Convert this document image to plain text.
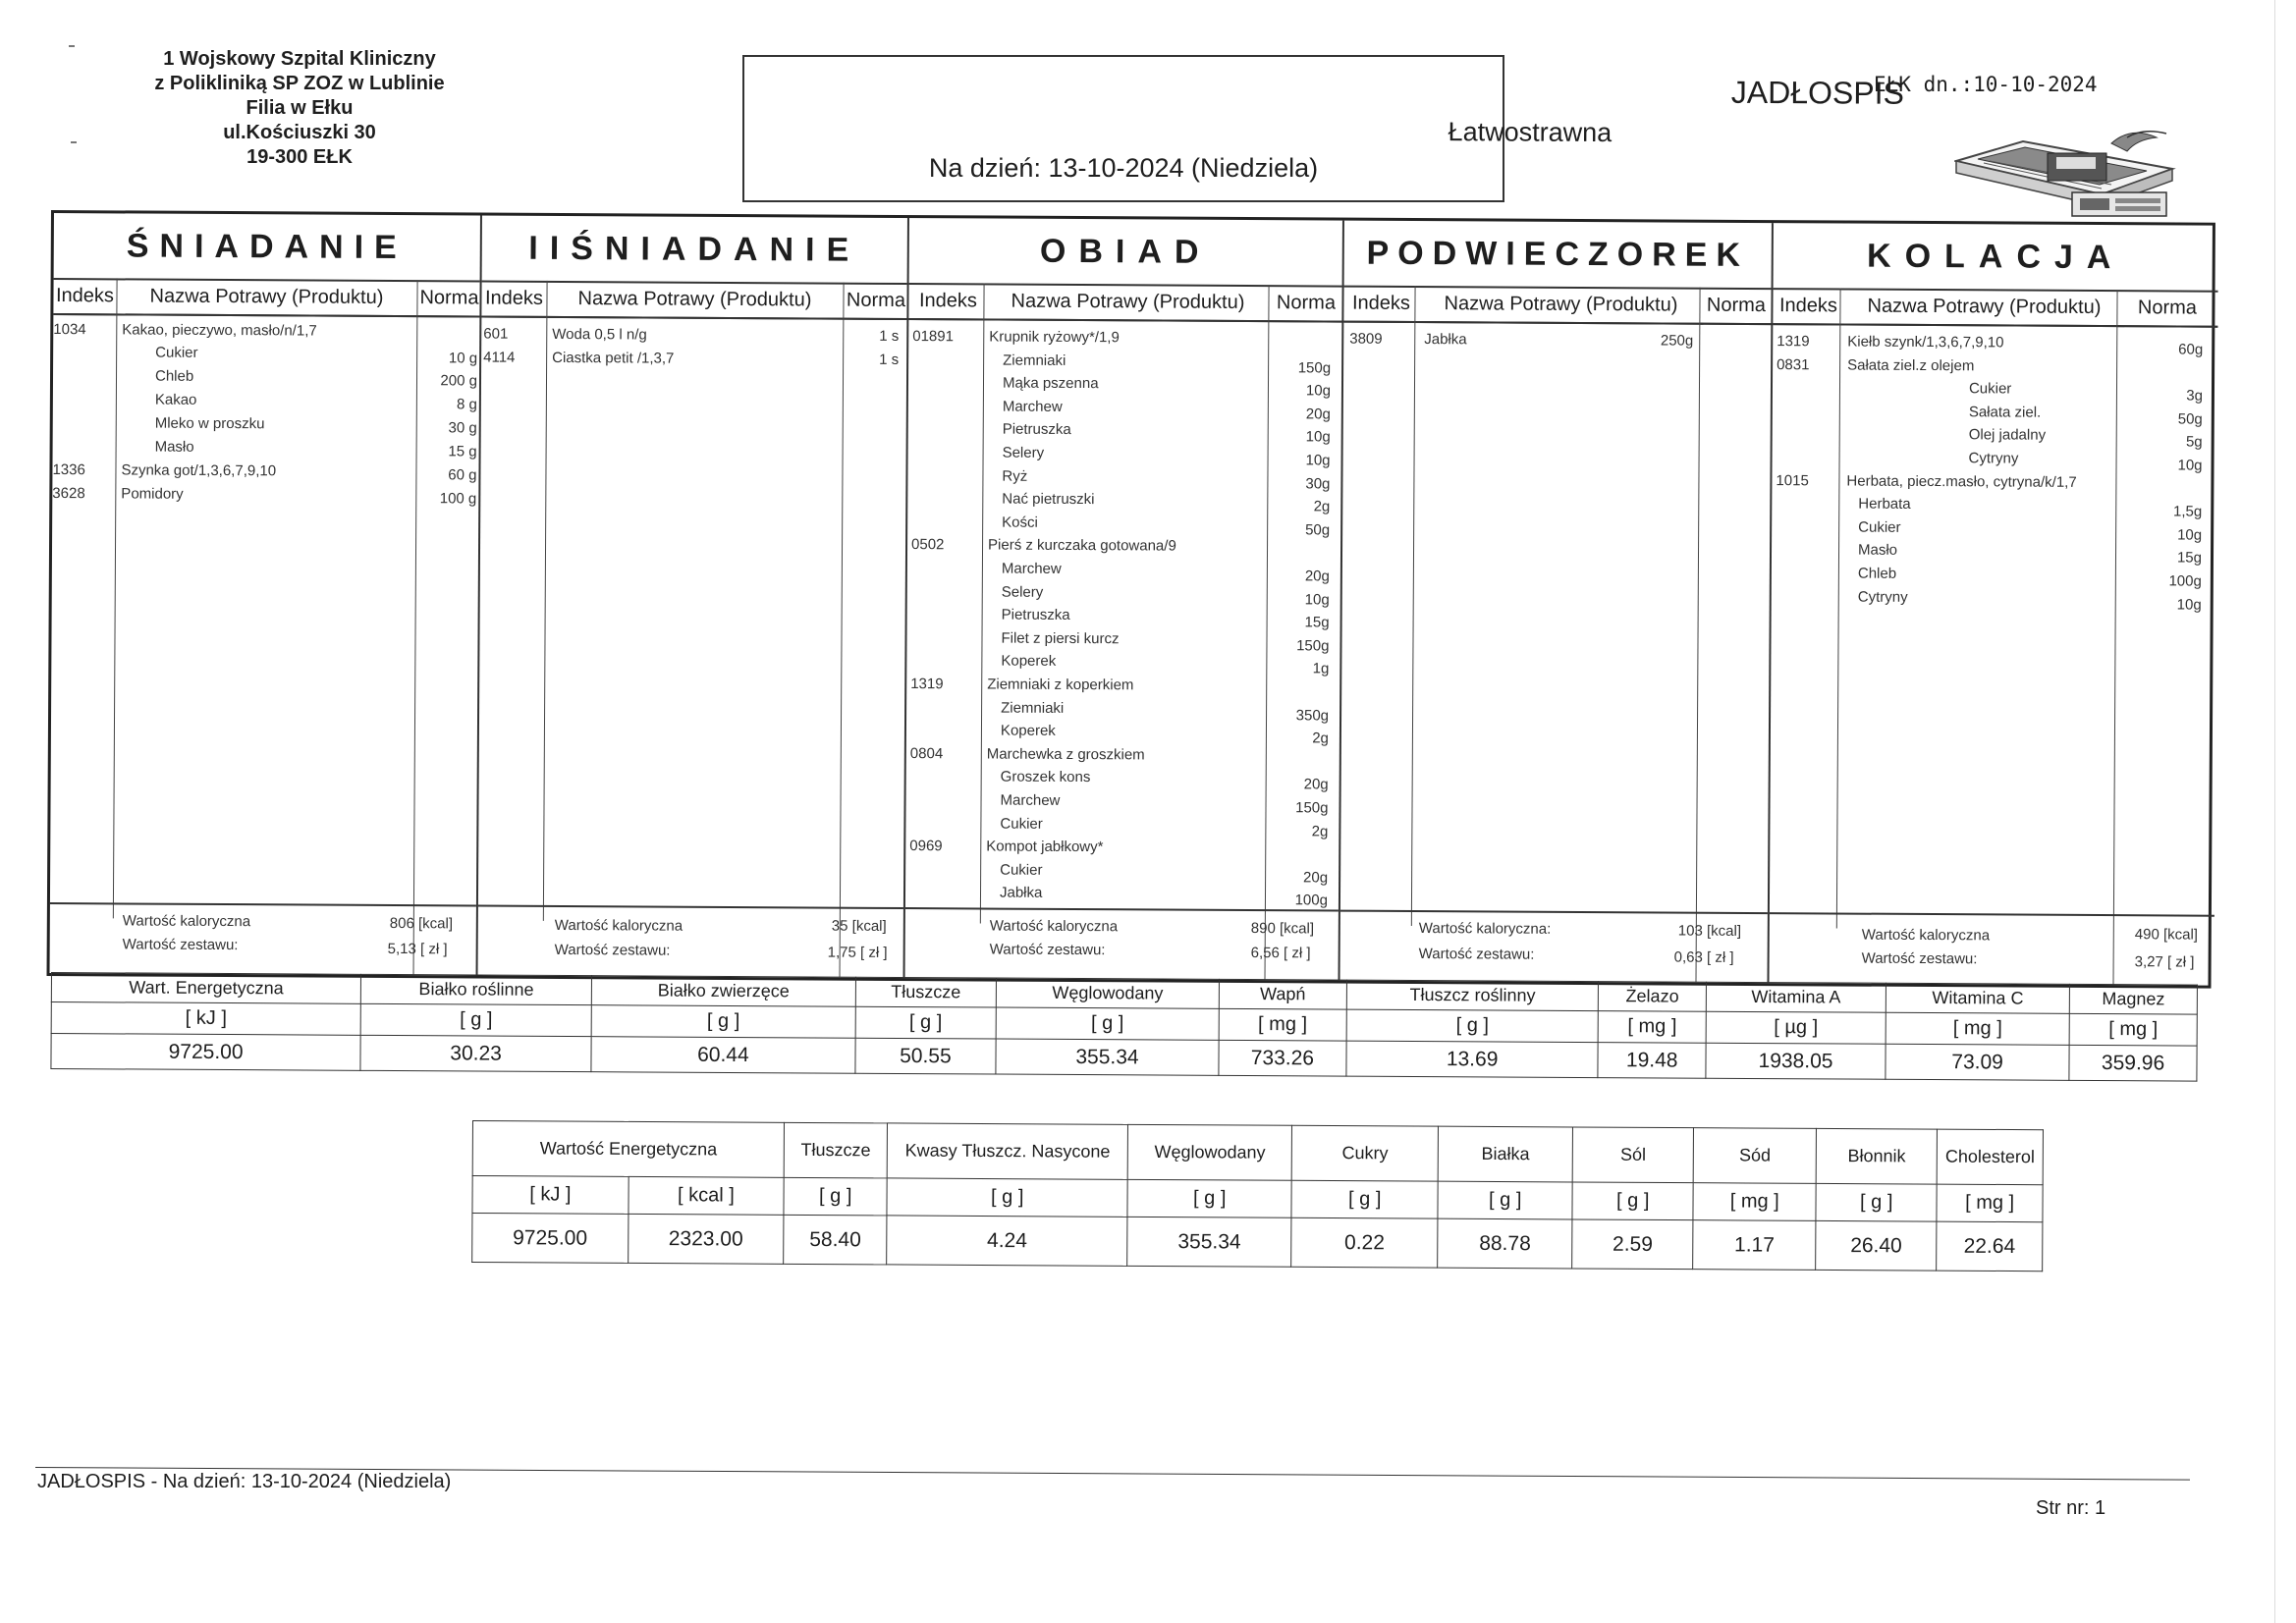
1 Wojskowy Szpital Kliniczny
z Polikliniką SP ZOZ w Lublinie
Filia w Ełku
ul.Kościuszki 30
19-300 EŁK
JADŁOSPIS
Łatwostrawna
Na dzień: 13-10-2024 (Niedziela)
EŁK dn.:10-10-2024
ŚNIADANIE
Indeks	Nazwa Potrawy (Produktu)	Norma
1034 Kakao, pieczywo, masło/n/1,7
Cukier	10 g
Chleb	200 g
Kakao	8 g
Mleko w proszku	30 g
Masło	15 g
1336 Szynka got/1,3,6,7,9,10	60 g
3628 Pomidory	100 g
Wartość kaloryczna	806 [kcal]
Wartość zestawu:	5,13 [ zł ]
IIŚNIADANIE
Indeks	Nazwa Potrawy (Produktu)	Norma
601	Woda 0,5 l n/g	1 s
4114	Ciastka petit /1,3,7	1 s
Wartość kaloryczna	35 [kcal]
Wartość zestawu:	1,75 [ zł ]
OBIAD
Indeks	Nazwa Potrawy (Produktu)	Norma
01891 Krupnik ryżowy*/1,9
Ziemniaki	150g
Mąka pszenna	10g
Marchew	20g
Pietruszka	10g
Selery	10g
Ryż	30g
Nać pietruszki	2g
Kości	50g
0502	Pierś z kurczaka gotowana/9
Marchew	20g
Selery	10g
Pietruszka	15g
Filet z piersi kurcz	150g
Koperek	1g
1319	Ziemniaki z koperkiem
Ziemniaki	350g
Koperek	2g
0804	Marchewka z groszkiem
Groszek kons	20g
Marchew	150g
Cukier	2g
0969	Kompot jabłkowy*
Cukier	20g
Jabłka	100g
Wartość kaloryczna	890 [kcal]
Wartość zestawu:	6,56 [ zł ]
PODWIECZOREK
Indeks	Nazwa Potrawy (Produktu)	Norma
3809	Jabłka	250g
Wartość kaloryczna:	103 [kcal]
Wartość zestawu:	0,63 [ zł ]
KOLACJA
Indeks	Nazwa Potrawy (Produktu)	Norma
1319	Kiełb szynk/1,3,6,7,9,10	60g
0831	Sałata ziel.z olejem
Cukier	3g
Sałata ziel.	50g
Olej jadalny	5g
Cytryny	10g
1015	Herbata, piecz.masło, cytryna/k/1,7
Herbata	1,5g
Cukier	10g
Masło	15g
Chleb	100g
Cytryny	10g
Wartość kaloryczna	490 [kcal]
Wartość zestawu:	3,27 [ zł ]
Wart. Energetyczna	Białko roślinne	Białko zwierzęce	Tłuszcze	Węglowodany	Wapń	Tłuszcz roślinny	Żelazo	Witamina A	Witamina C	Magnez
[ kJ ]	[ g ]	[ g ]	[ g ]	[ g ]	[ mg ]	[ g ]	[ mg ]	[ µg ]	[ mg ]	[ mg ]
9725.00	30.23	60.44	50.55	355.34	733.26	13.69	19.48	1938.05	73.09	359.96
Wartość Energetyczna		Tłuszcze	Kwasy Tłuszcz. Nasycone	Węglowodany	Cukry	Białka	Sól	Sód	Błonnik	Cholesterol
[ kJ ]	[ kcal ]	[ g ]	[ g ]	[ g ]	[ g ]	[ g ]	[ g ]	[ mg ]	[ g ]	[ mg ]
9725.00	2323.00	58.40	4.24	355.34	0.22	88.78	2.59	1.17	26.40	22.64
JADŁOSPIS - Na dzień: 13-10-2024 (Niedziela)
Str nr: 1
